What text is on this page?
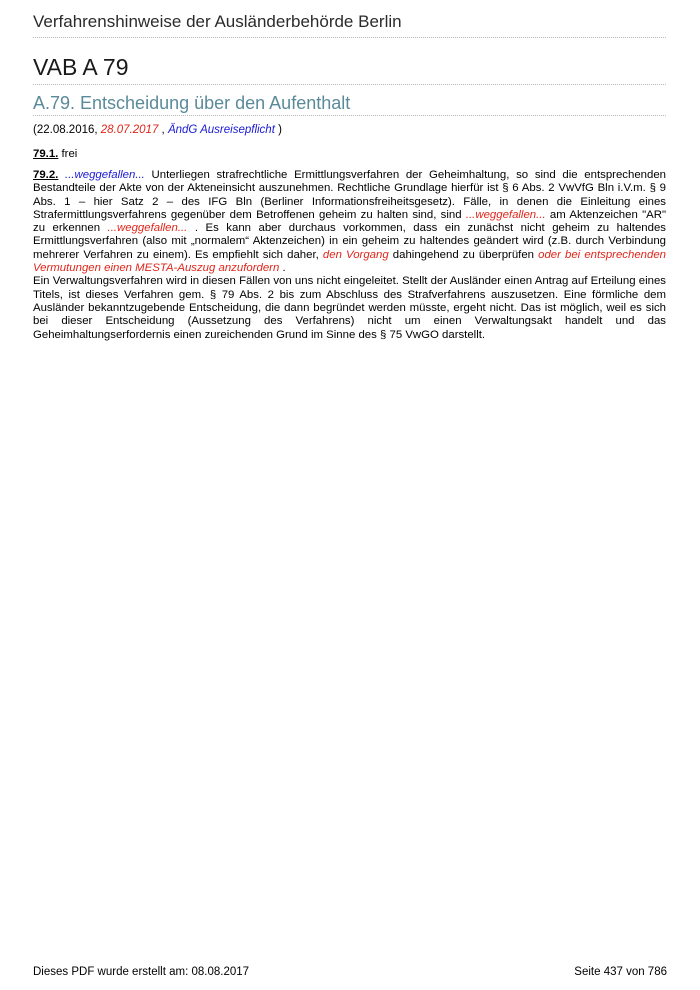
Verfahrenshinweise der Ausländerbehörde Berlin
VAB A 79
A.79. Entscheidung über den Aufenthalt
(22.08.2016, 28.07.2017 , ÄndG Ausreisepflicht )
79.1. frei
79.2. ...weggefallen... Unterliegen strafrechtliche Ermittlungsverfahren der Geheimhaltung, so sind die entsprechenden Bestandteile der Akte von der Akteneinsicht auszunehmen. Rechtliche Grundlage hierfür ist § 6 Abs. 2 VwVfG Bln i.V.m. § 9 Abs. 1 – hier Satz 2 – des IFG Bln (Berliner Informationsfreiheitsgesetz). Fälle, in denen die Einleitung eines Strafermittlungsverfahrens gegenüber dem Betroffenen geheim zu halten sind, sind ...weggefallen... am Aktenzeichen "AR" zu erkennen ...weggefallen... . Es kann aber durchaus vorkommen, dass ein zunächst nicht geheim zu haltendes Ermittlungsverfahren (also mit „normalem“ Aktenzeichen) in ein geheim zu haltendes geändert wird (z.B. durch Verbindung mehrerer Verfahren zu einem). Es empfiehlt sich daher, den Vorgang dahingehend zu überprüfen oder bei entsprechenden Vermutungen einen MESTA-Auszug anzufordern .
Ein Verwaltungsverfahren wird in diesen Fällen von uns nicht eingeleitet. Stellt der Ausländer einen Antrag auf Erteilung eines Titels, ist dieses Verfahren gem. § 79 Abs. 2 bis zum Abschluss des Strafverfahrens auszusetzen. Eine förmliche dem Ausländer bekanntzugebende Entscheidung, die dann begründet werden müsste, ergeht nicht. Das ist möglich, weil es sich bei dieser Entscheidung (Aussetzung des Verfahrens) nicht um einen Verwaltungsakt handelt und das Geheimhaltungserfordernis einen zureichenden Grund im Sinne des § 75 VwGO darstellt.
Dieses PDF wurde erstellt am: 08.08.2017	Seite 437 von 786
